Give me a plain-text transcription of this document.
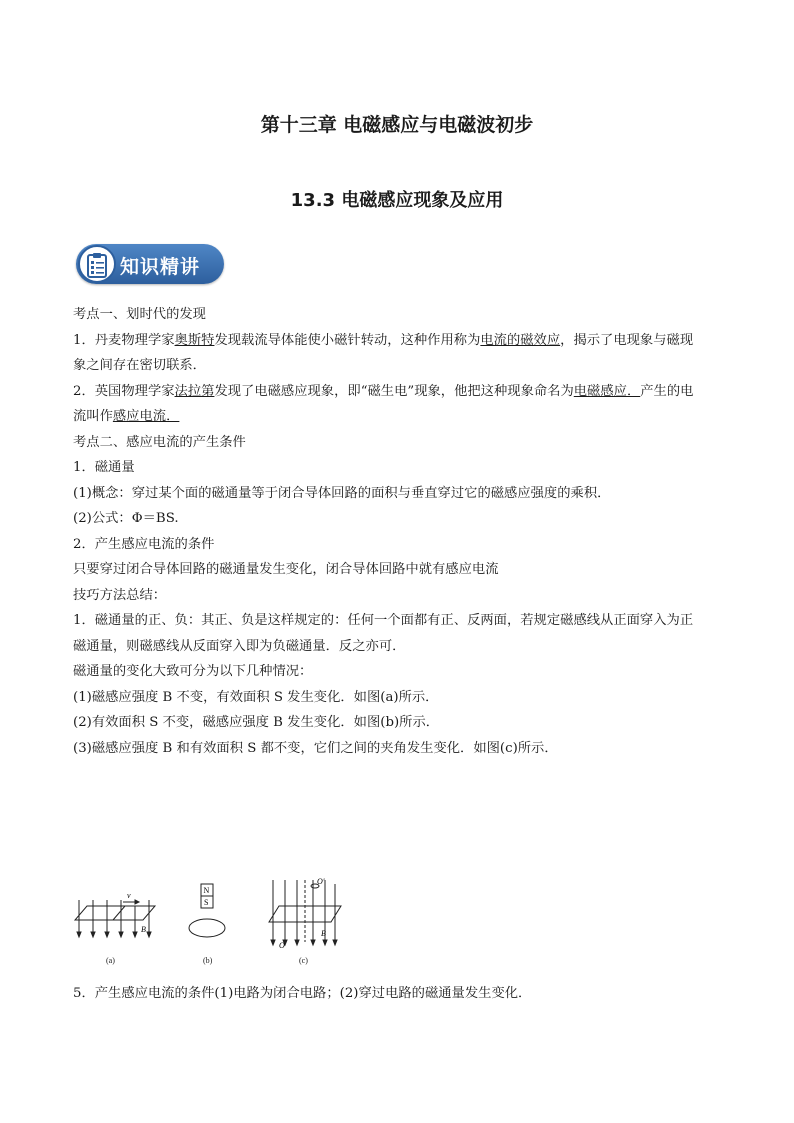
第十三章 电磁感应与电磁波初步
13.3 电磁感应现象及应用
知识精讲

考点一、划时代的发现

1．丹麦物理学家奥斯特发现载流导体能使小磁针转动，这种作用称为电流的磁效应，揭示了电现象与磁现

象之间存在密切联系．

2．英国物理学家法拉第发现了电磁感应现象，即“磁生电”现象，他把这种现象命名为电磁感应．产生的电

流叫作感应电流．

考点二、感应电流的产生条件

1．磁通量

(1)概念：穿过某个面的磁通量等于闭合导体回路的面积与垂直穿过它的磁感应强度的乘积．

(2)公式：Φ＝BS.

2．产生感应电流的条件

只要穿过闭合导体回路的磁通量发生变化，闭合导体回路中就有感应电流

技巧方法总结：

1．磁通量的正、负：其正、负是这样规定的：任何一个面都有正、反两面，若规定磁感线从正面穿入为正

磁通量，则磁感线从反面穿入即为负磁通量．反之亦可．

磁通量的变化大致可分为以下几种情况：

(1)磁感应强度 B 不变，有效面积 S 发生变化．如图(a)所示．

(2)有效面积 S 不变，磁感应强度 B 发生变化．如图(b)所示．

(3)磁感应强度 B 和有效面积 S 都不变，它们之间的夹角发生变化．如图(c)所示．

v
B
N
S
O'
O
B
(a)	(b)	(c)
5．产生感应电流的条件(1)电路为闭合电路；(2)穿过电路的磁通量发生变化．
